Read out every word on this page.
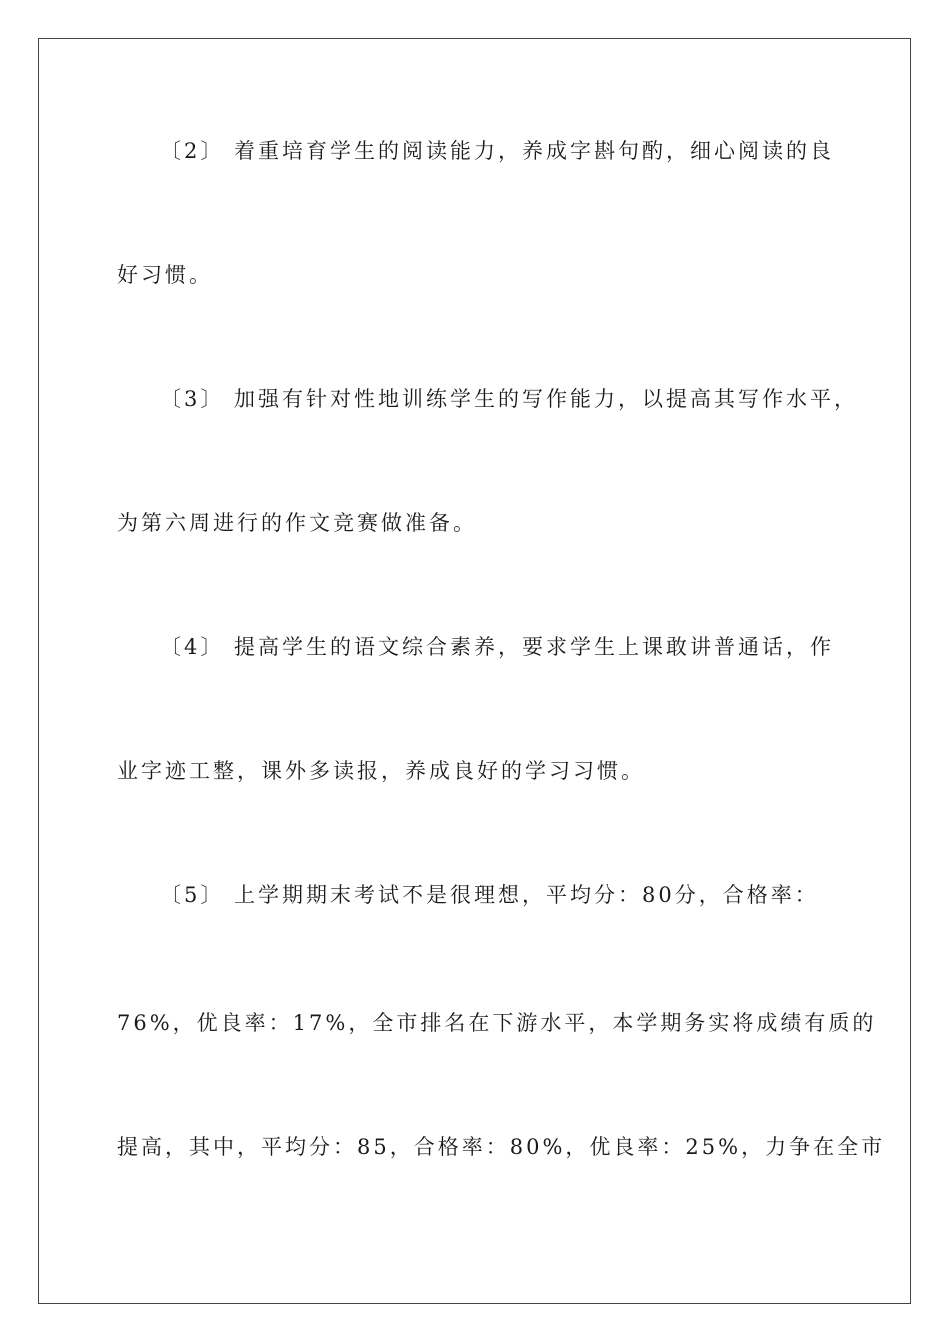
〔2〕 着重培育学生的阅读能力，养成字斟句酌，细心阅读的良
好习惯。
〔3〕 加强有针对性地训练学生的写作能力，以提高其写作水平，
为第六周进行的作文竞赛做准备。
〔4〕 提高学生的语文综合素养，要求学生上课敢讲普通话，作
业字迹工整，课外多读报，养成良好的学习习惯。
〔5〕 上学期期末考试不是很理想，平均分：80分，合格率：
76%，优良率：17%，全市排名在下游水平，本学期务实将成绩有质的
提高，其中，平均分：85，合格率：80%，优良率：25%，力争在全市
